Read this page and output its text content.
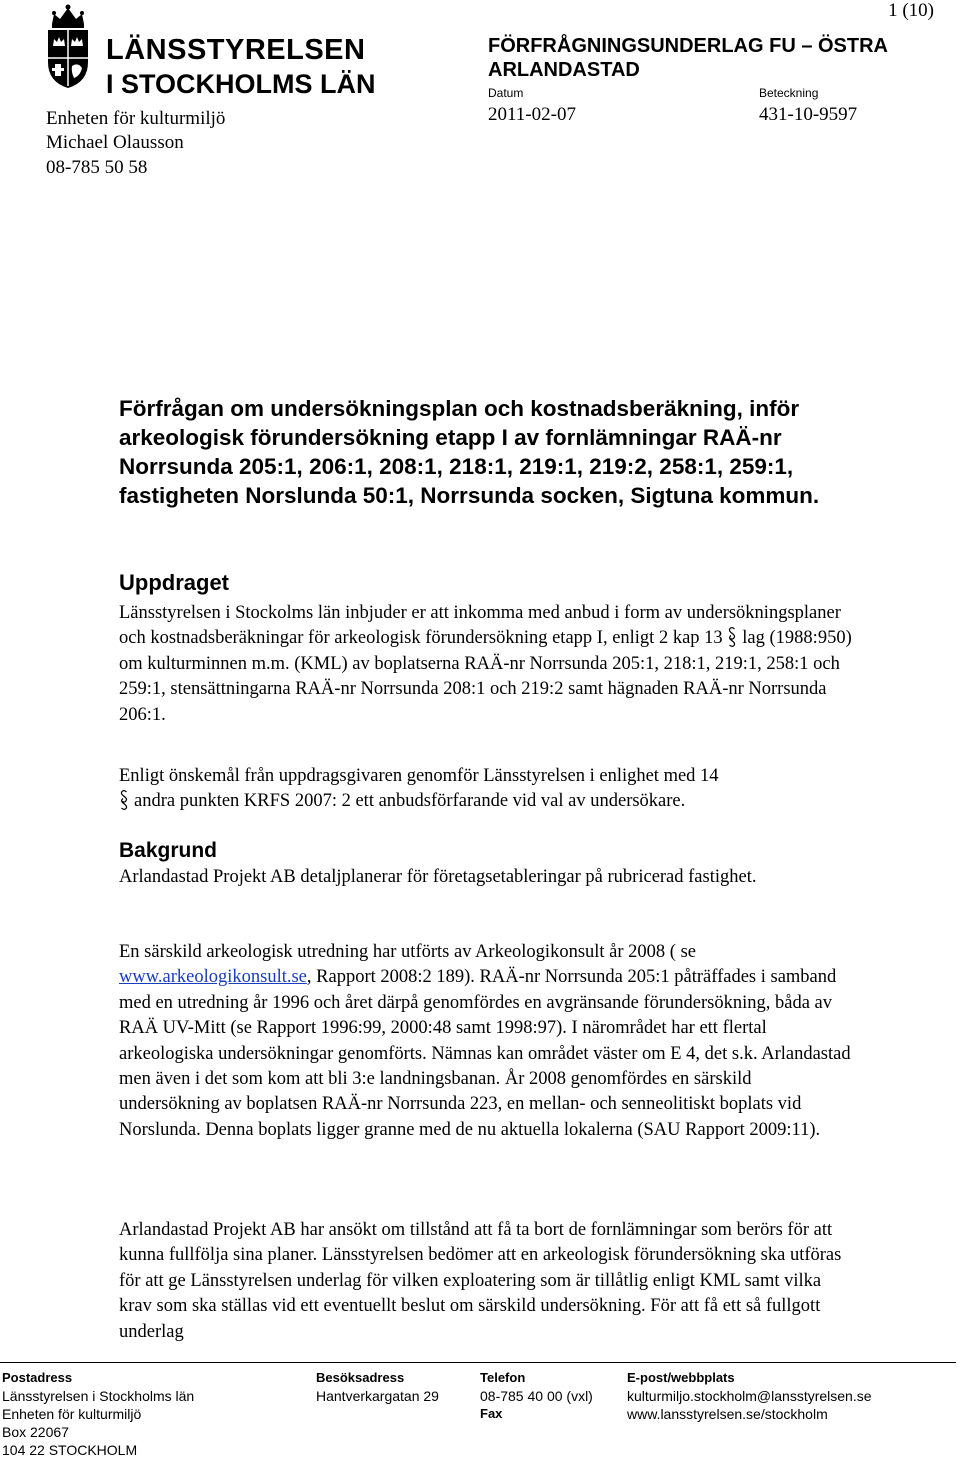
LÄNSSTYRELSEN
I STOCKHOLMS LÄN
Enheten för kulturmiljö
Michael Olausson
08-785 50 58
1 (10)
FÖRFRÅGNINGSUNDERLAG FU – ÖSTRA ARLANDASTAD
Datum
2011-02-07
Beteckning
431-10-9597
Förfrågan om undersökningsplan och kostnadsberäkning, inför arkeologisk förundersökning etapp I av fornlämningar RAÄ-nr Norrsunda 205:1, 206:1, 208:1, 218:1, 219:1, 219:2, 258:1, 259:1, fastigheten Norslunda 50:1, Norrsunda socken, Sigtuna kommun.
Uppdraget

Länsstyrelsen i Stockolms län inbjuder er att inkomma med anbud i form av undersökningsplaner och kostnadsberäkningar för arkeologisk förundersökning etapp I, enligt 2 kap 13 lag (1988:950) om kulturminnen m.m. (KML) av boplatserna RAÄ-nr Norrsunda 205:1, 218:1, 219:1, 258:1 och 259:1, stensättningarna RAÄ-nr Norrsunda 208:1 och 219:2 samt hägnaden RAÄ-nr Norrsunda 206:1.

Enligt önskemål från uppdragsgivaren genomför Länsstyrelsen i enlighet med 14
andra punkten KRFS 2007: 2 ett anbudsförfarande vid val av undersökare.

Bakgrund

Arlandastad Projekt AB detaljplanerar för företagsetableringar på rubricerad fastighet.

En särskild arkeologisk utredning har utförts av Arkeologikonsult år 2008 ( se
www.arkeologikonsult.se, Rapport 2008:2 189). RAÄ-nr Norrsunda 205:1 påträffades i samband med en utredning år 1996 och året därpå genomfördes en avgränsande förundersökning, båda av RAÄ UV-Mitt (se Rapport 1996:99, 2000:48 samt 1998:97). I närområdet har ett flertal arkeologiska undersökningar genomförts. Nämnas kan området väster om E 4, det s.k. Arlandastad men även i det som kom att bli 3:e landningsbanan. År 2008 genomfördes en särskild undersökning av boplatsen RAÄ-nr Norrsunda 223, en mellan- och senneolitiskt boplats vid Norslunda. Denna boplats ligger granne med de nu aktuella lokalerna (SAU Rapport 2009:11).

Arlandastad Projekt AB har ansökt om tillstånd att få ta bort de fornlämningar som berörs för att kunna fullfölja sina planer. Länsstyrelsen bedömer att en arkeologisk förundersökning ska utföras för att ge Länsstyrelsen underlag för vilken exploatering som är tillåtlig enligt KML samt vilka krav som ska ställas vid ett eventuellt beslut om särskild undersökning. För att få ett så fullgott underlag

Postadress
Länsstyrelsen i Stockholms län
Enheten för kulturmiljö
Box 22067
104 22 STOCKHOLM
Besöksadress
Hantverkargatan 29
Telefon
08-785 40 00 (vxl)
Fax
E-post/webbplats
kulturmiljo.stockholm@lansstyrelsen.se
www.lansstyrelsen.se/stockholm
